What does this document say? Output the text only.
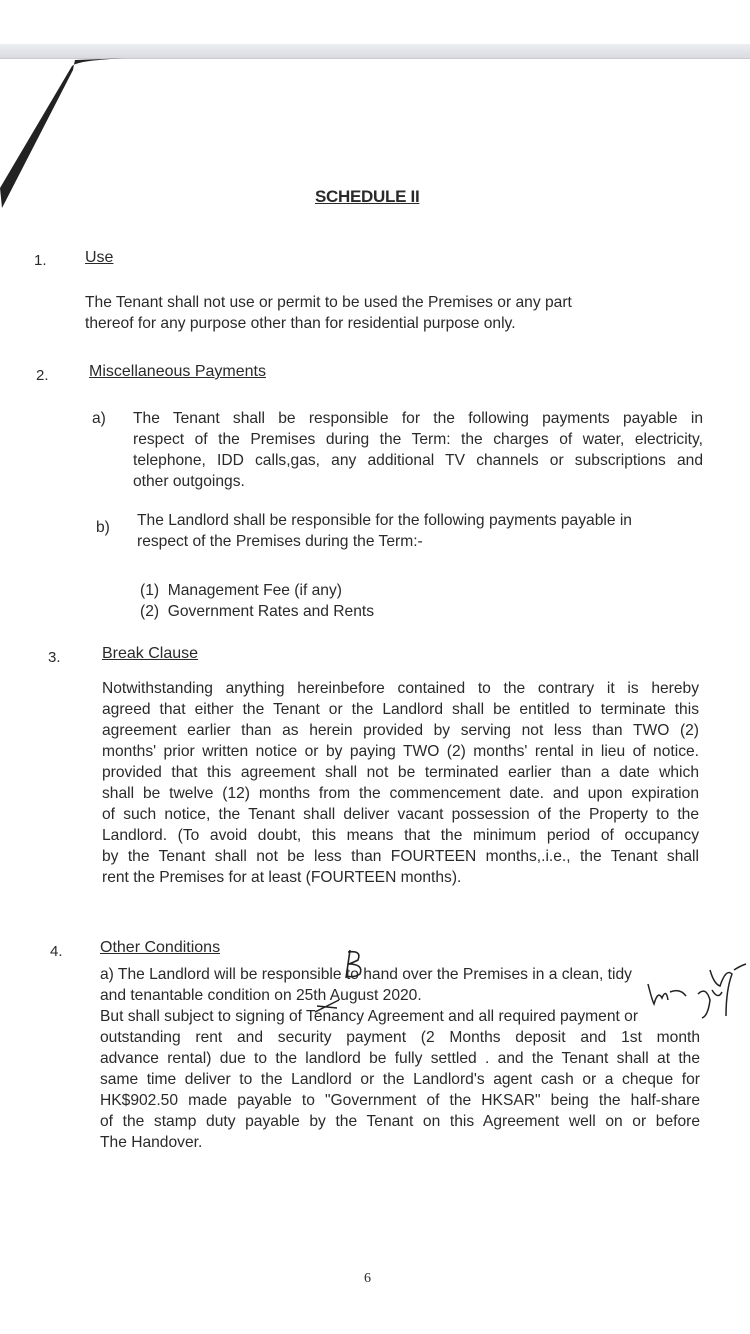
SCHEDULE II
1. Use
The Tenant shall not use or permit to be used the Premises or any part
thereof for any purpose other than for residential purpose only.
2.	Miscellaneous Payments
a) The Tenant shall be responsible for the following payments payable in
respect of the Premises during the Term: the charges of water, electricity,
telephone, IDD calls,gas, any additional TV channels or subscriptions and
other outgoings.
b) The Landlord shall be responsible for the following payments payable in
respect of the Premises during the Term:-
(1) Management Fee (if any)
(2) Government Rates and Rents
3.	Break Clause
Notwithstanding anything hereinbefore contained to the contrary it is hereby
agreed that either the Tenant or the Landlord shall be entitled to terminate this
agreement earlier than as herein provided by serving not less than TWO (2)
months' prior written notice or by paying TWO (2) months' rental in lieu of notice.
provided that this agreement shall not be terminated earlier than a date which
shall be twelve (12) months from the commencement date. and upon expiration
of such notice, the Tenant shall deliver vacant possession of the Property to the
Landlord. (To avoid doubt, this means that the minimum period of occupancy
by the Tenant shall not be less than FOURTEEN months,.i.e., the Tenant shall
rent the Premises for at least (FOURTEEN months).
4. Other Conditions
a) The Landlord will be responsible to hand over the Premises in a clean, tidy
and tenantable condition on 25th August 2020.
But shall subject to signing of Tenancy Agreement and all required payment or
outstanding rent and security payment (2 Months deposit and 1st month
advance rental) due to the landlord be fully settled . and the Tenant shall at the
same time deliver to the Landlord or the Landlord's agent cash or a cheque for
HK$902.50 made payable to "Government of the HKSAR" being the half-share
of the stamp duty payable by the Tenant on this Agreement well on or before
The Handover.
6
